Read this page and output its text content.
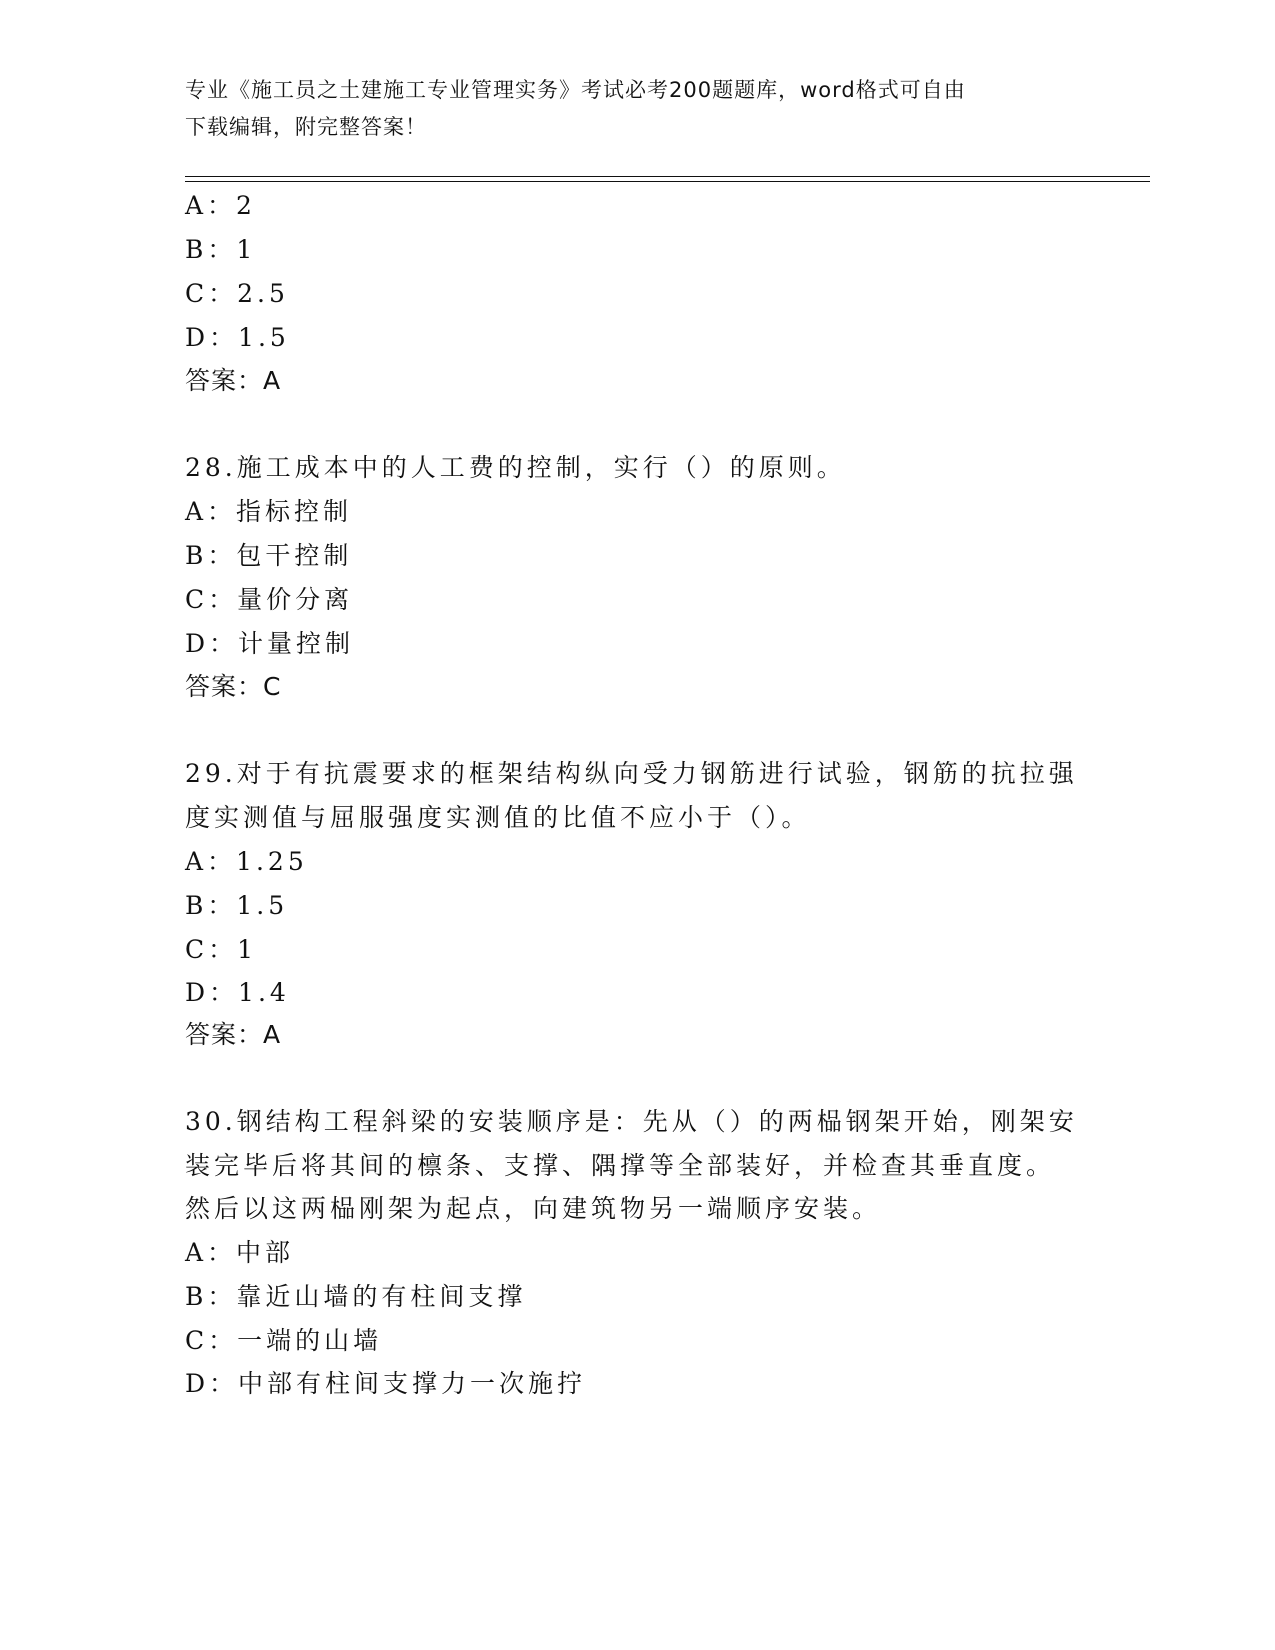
专业《施工员之土建施工专业管理实务》考试必考200题题库，word格式可自由
下载编辑，附完整答案！
A：2
B：1
C：2.5
D：1.5
答案：A
28.施工成本中的人工费的控制，实行（）的原则。
A：指标控制
B：包干控制
C：量价分离
D：计量控制
答案：C
29.对于有抗震要求的框架结构纵向受力钢筋进行试验，钢筋的抗拉强
度实测值与屈服强度实测值的比值不应小于（）。
A：1.25
B：1.5
C：1
D：1.4
答案：A
30.钢结构工程斜梁的安装顺序是：先从（）的两榀钢架开始，刚架安
装完毕后将其间的檩条、支撑、隅撑等全部装好，并检查其垂直度。
然后以这两榀刚架为起点，向建筑物另一端顺序安装。
A：中部
B：靠近山墙的有柱间支撑
C：一端的山墙
D：中部有柱间支撑力一次施拧
